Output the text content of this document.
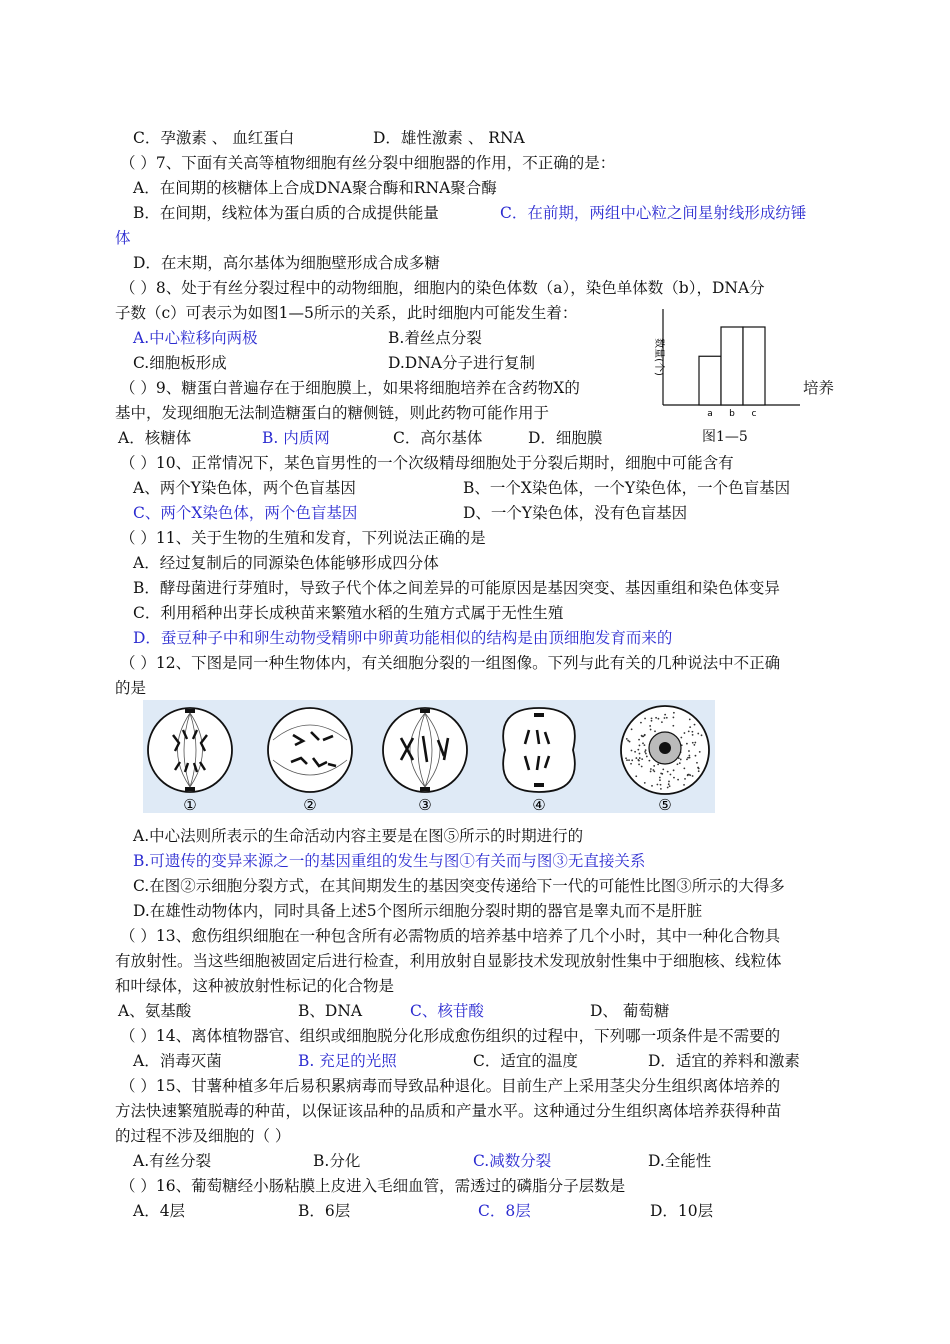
C．孕激素 、 血红蛋白	D．雄性激素 、 RNA
（ ）7、下面有关高等植物细胞有丝分裂中细胞器的作用，不正确的是：
A．在间期的核糖体上合成DNA聚合酶和RNA聚合酶
B．在间期，线粒体为蛋白质的合成提供能量	C．在前期，两组中心粒之间星射线形成纺锤
体
D．在末期，高尔基体为细胞壁形成合成多糖
（ ）8、处于有丝分裂过程中的动物细胞，细胞内的染色体数（a），染色单体数（b），DNA分
子数（c）可表示为如图1—5所示的关系，此时细胞内可能发生着：
A.中心粒移向两极	B.着丝点分裂
C.细胞板形成	D.DNA分子进行复制
a b c
数量(个)
图1—5
（ ）9、糖蛋白普遍存在于细胞膜上，如果将细胞培养在含药物X的	培养
基中，发现细胞无法制造糖蛋白的糖侧链，则此药物可能作用于
A．核糖体	B. 内质网	C．高尔基体	D．细胞膜
（ ）10、正常情况下，某色盲男性的一个次级精母细胞处于分裂后期时，细胞中可能含有
A、两个Y染色体，两个色盲基因	B、一个X染色体，一个Y染色体，一个色盲基因
C、两个X染色体，两个色盲基因	D、一个Y染色体，没有色盲基因
（ ）11、关于生物的生殖和发育，下列说法正确的是
A．经过复制后的同源染色体能够形成四分体
B．酵母菌进行芽殖时，导致子代个体之间差异的可能原因是基因突变、基因重组和染色体变异
C．利用稻种出芽长成秧苗来繁殖水稻的生殖方式属于无性生殖
D．蚕豆种子中和卵生动物受精卵中卵黄功能相似的结构是由顶细胞发育而来的
（ ）12、下图是同一种生物体内，有关细胞分裂的一组图像。下列与此有关的几种说法中不正确
的是
①	②	③	④	⑤
A.中心法则所表示的生命活动内容主要是在图⑤所示的时期进行的
B.可遗传的变异来源之一的基因重组的发生与图①有关而与图③无直接关系
C.在图②示细胞分裂方式，在其间期发生的基因突变传递给下一代的可能性比图③所示的大得多
D.在雄性动物体内，同时具备上述5个图所示细胞分裂时期的器官是睾丸而不是肝脏
（ ）13、愈伤组织细胞在一种包含所有必需物质的培养基中培养了几个小时，其中一种化合物具
有放射性。当这些细胞被固定后进行检查，利用放射自显影技术发现放射性集中于细胞核、线粒体
和叶绿体，这种被放射性标记的化合物是
A、氨基酸	B、DNA	C、核苷酸	D、 葡萄糖
（ ）14、离体植物器官、组织或细胞脱分化形成愈伤组织的过程中，下列哪一项条件是不需要的
A．消毒灭菌	B. 充足的光照	C．适宜的温度	D．适宜的养料和激素
（ ）15、甘薯种植多年后易积累病毒而导致品种退化。目前生产上采用茎尖分生组织离体培养的
方法快速繁殖脱毒的种苗，以保证该品种的品质和产量水平。这种通过分生组织离体培养获得种苗
的过程不涉及细胞的（ ）
A.有丝分裂	B.分化	C.减数分裂	D.全能性
（ ）16、葡萄糖经小肠粘膜上皮进入毛细血管，需透过的磷脂分子层数是
A．4层	B．6层	C．8层	D．10层
